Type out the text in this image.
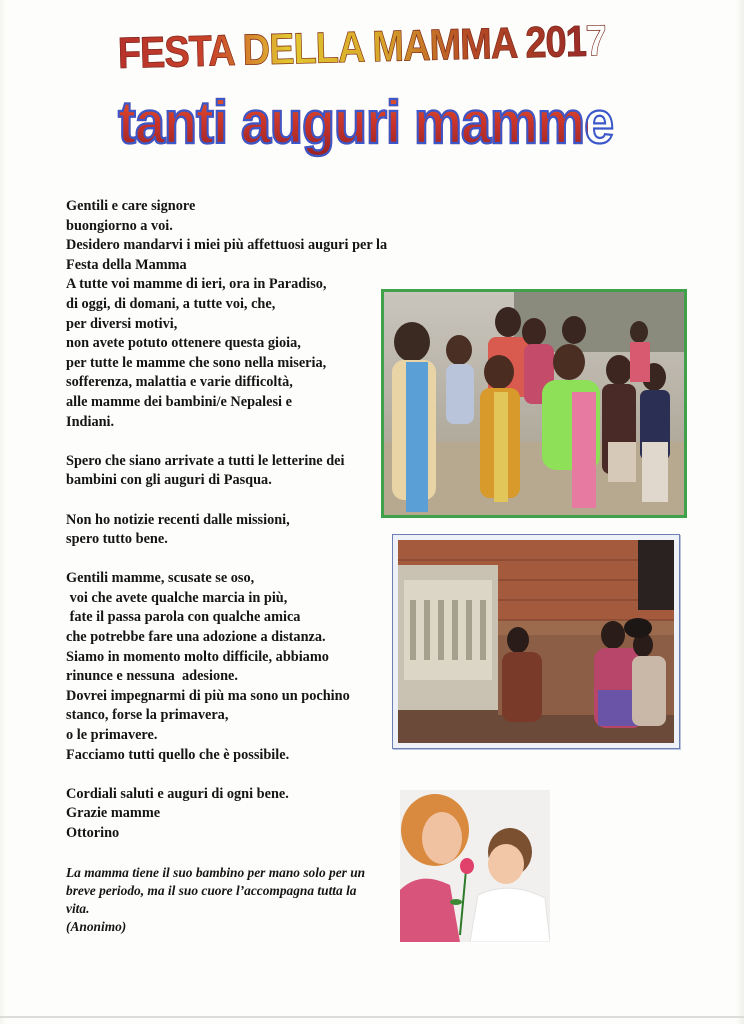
FESTA DELLA MAMMA 2017
tanti auguri mamme
Gentili e care signore
buongiorno a voi.
Desidero mandarvi i miei più affettuosi auguri per la
Festa della Mamma
A tutte voi mamme di ieri, ora in Paradiso,
di oggi, di domani, a tutte voi, che,
per diversi motivi,
non avete potuto ottenere questa gioia,
per tutte le mamme che sono nella miseria,
sofferenza, malattia e varie difficoltà,
alle mamme dei bambini/e Nepalesi e
Indiani.
Spero che siano arrivate a tutti le letterine dei
bambini con gli auguri di Pasqua.
Non ho notizie recenti dalle missioni,
spero tutto bene.
Gentili mamme, scusate se oso,
voi che avete qualche marcia in più,
fate il passa parola con qualche amica
che potrebbe fare una adozione a distanza.
Siamo in momento molto difficile, abbiamo
rinunce e nessuna  adesione.
Dovrei impegnarmi di più ma sono un pochino
stanco, forse la primavera,
o le primavere.
Facciamo tutti quello che è possibile.
Cordiali saluti e auguri di ogni bene.
Grazie mamme
Ottorino
La mamma tiene il suo bambino per mano solo per un
breve periodo, ma il suo cuore l’accompagna tutta la
vita.
(Anonimo)
